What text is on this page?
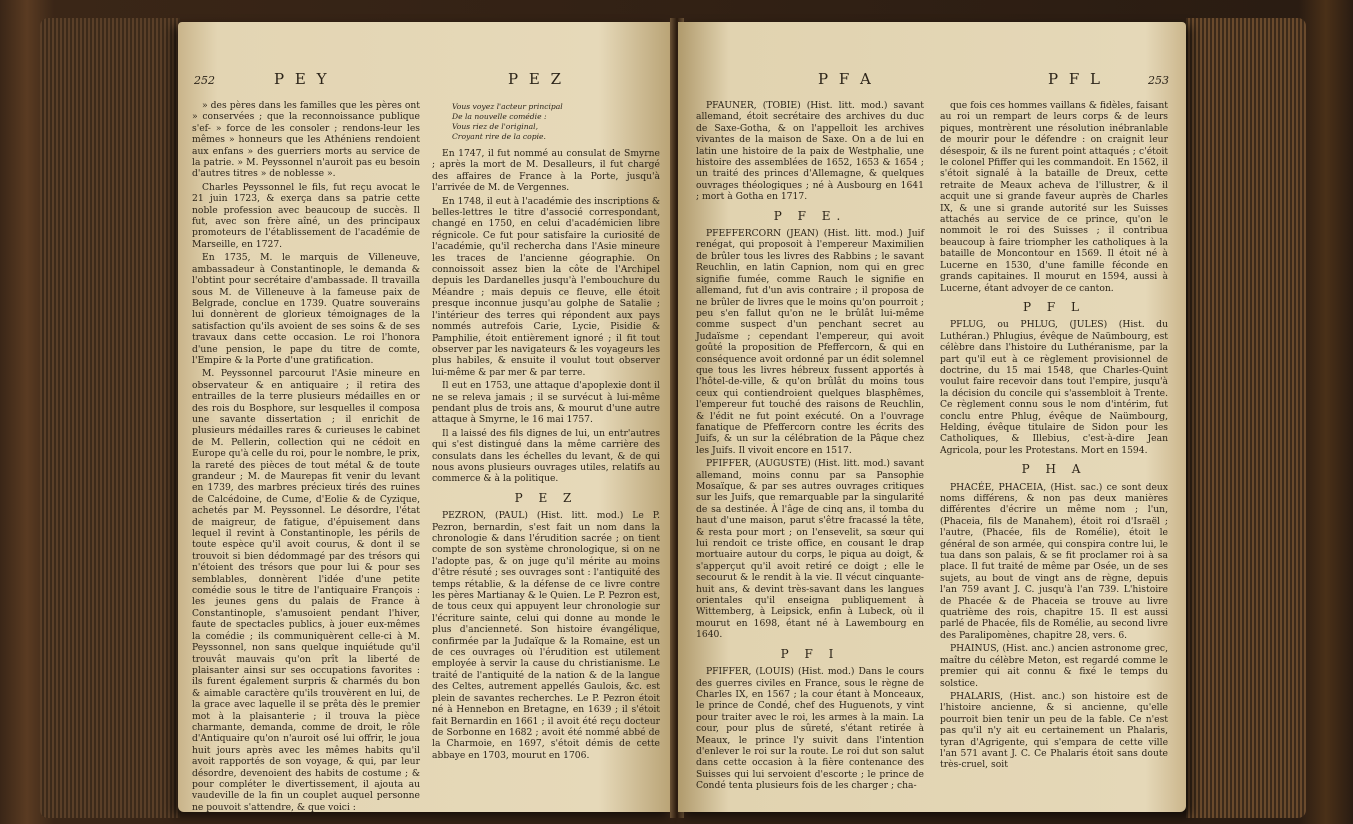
252	P E Y	P E Z

» des pères dans les familles que les pères ont » conservées ; que la reconnoissance publique s'ef- » force de les consoler ; rendons-leur les mêmes » honneurs que les Athéniens rendoient aux enfans » des guerriers morts au service de la patrie. » M. Peyssonnel n'auroit pas eu besoin d'autres titres » de noblesse ».

Charles Peyssonnel le fils, fut reçu avocat le 21 juin 1723, & exerça dans sa patrie cette noble profession avec beaucoup de succès. Il fut, avec son frère aîné, un des principaux promoteurs de l'établissement de l'académie de Marseille, en 1727.

En 1735, M. le marquis de Villeneuve, ambassadeur à Constantinople, le demanda & l'obtint pour secrétaire d'ambassade. Il travailla sous M. de Villeneuve à la fameuse paix de Belgrade, conclue en 1739. Quatre souverains lui donnèrent de glorieux témoignages de la satisfaction qu'ils avoient de ses soins & de ses travaux dans cette occasion. Le roi l'honora d'une pension, le pape du titre de comte, l'Empire & la Porte d'une gratification.

M. Peyssonnel parcourut l'Asie mineure en observateur & en antiquaire ; il retira des entrailles de la terre plusieurs médailles en or des rois du Bosphore, sur lesquelles il composa une savante dissertation ; il enrichit de plusieurs médailles rares & curieuses le cabinet de M. Pellerin, collection qui ne cédoit en Europe qu'à celle du roi, pour le nombre, le prix, la rareté des pièces de tout métal & de toute grandeur ; M. de Maurepas fit venir du levant en 1739, des marbres précieux tirés des ruines de Calcédoine, de Cume, d'Eolie & de Cyzique, achetés par M. Peyssonnel. Le désordre, l'état de maigreur, de fatigue, d'épuisement dans lequel il revint à Constantinople, les périls de toute espèce qu'il avoit courus, & dont il se trouvoit si bien dédommagé par des trésors qui n'étoient des trésors que pour lui & pour ses semblables, donnèrent l'idée d'une petite comédie sous le titre de l'antiquaire François : les jeunes gens du palais de France à Constantinople, s'amusoient pendant l'hiver, faute de spectacles publics, à jouer eux-mêmes la comédie ; ils communiquèrent celle-ci à M. Peyssonnel, non sans quelque inquiétude qu'il trouvât mauvais qu'on prît la liberté de plaisanter ainsi sur ses occupations favorites : ils furent également surpris & charmés du bon & aimable caractère qu'ils trouvèrent en lui, de la grace avec laquelle il se prêta dès le premier mot à la plaisanterie ; il trouva la pièce charmante, demanda, comme de droit, le rôle d'Antiquaire qu'on n'auroit osé lui offrir, le joua huit jours après avec les mêmes habits qu'il avoit rapportés de son voyage, & qui, par leur désordre, devenoient des habits de costume ; & pour compléter le divertissement, il ajouta au vaudeville de la fin un couplet auquel personne ne pouvoit s'attendre, & que voici :

Vous voyez l'acteur principal
De la nouvelle comédie :
Vous riez de l'original,
Croyant rire de la copie.

En 1747, il fut nommé au consulat de Smyrne ; après la mort de M. Desalleurs, il fut chargé des affaires de France à la Porte, jusqu'à l'arrivée de M. de Vergennes.

En 1748, il eut à l'académie des inscriptions & belles-lettres le titre d'associé correspondant, changé en 1750, en celui d'académicien libre régnicole. Ce fut pour satisfaire la curiosité de l'académie, qu'il rechercha dans l'Asie mineure les traces de l'ancienne géographie. On connoissoit assez bien la côte de l'Archipel depuis les Dardanelles jusqu'à l'embouchure du Méandre ; mais depuis ce fleuve, elle étoit presque inconnue jusqu'au golphe de Satalie ; l'intérieur des terres qui répondent aux pays nommés autrefois Carie, Lycie, Pisidie & Pamphilie, étoit entièrement ignoré ; il fit tout observer par les navigateurs & les voyageurs les plus habiles, & ensuite il voulut tout observer lui-même & par mer & par terre.

Il eut en 1753, une attaque d'apoplexie dont il ne se releva jamais ; il se survécut à lui-même pendant plus de trois ans, & mourut d'une autre attaque à Smyrne, le 16 mai 1757.

Il a laissé des fils dignes de lui, un entr'autres qui s'est distingué dans la même carrière des consulats dans les échelles du levant, & de qui nous avons plusieurs ouvrages utiles, relatifs au commerce & à la politique.

P E Z

PEZRON, (PAUL) (Hist. litt. mod.) Le P. Pezron, bernardin, s'est fait un nom dans la chronologie & dans l'érudition sacrée ; on tient compte de son système chronologique, si on ne l'adopte pas, & on juge qu'il mérite au moins d'être résuté ; ses ouvrages sont : l'antiquité des temps rétablie, & la défense de ce livre contre les pères Martianay & le Quien. Le P. Pezron est, de tous ceux qui appuyent leur chronologie sur l'écriture sainte, celui qui donne au monde le plus d'ancienneté. Son histoire évangélique, confirmée par la Judaïque & la Romaine, est un de ces ouvrages où l'érudition est utilement employée à servir la cause du christianisme. Le traité de l'antiquité de la nation & de la langue des Celtes, autrement appellés Gaulois, &c. est plein de savantes recherches. Le P. Pezron étoit né à Hennebon en Bretagne, en 1639 ; il s'étoit fait Bernardin en 1661 ; il avoit été reçu docteur de Sorbonne en 1682 ; avoit été nommé abbé de la Charmoie, en 1697, s'étoit démis de cette abbaye en 1703, mourut en 1706.

P F A	P F L	253

PFAUNER, (TOBIE) (Hist. litt. mod.) savant allemand, étoit secrétaire des archives du duc de Saxe-Gotha, & on l'appelloit les archives vivantes de la maison de Saxe. On a de lui en latin une histoire de la paix de Westphalie, une histoire des assemblées de 1652, 1653 & 1654 ; un traité des princes d'Allemagne, & quelques ouvrages théologiques ; né à Ausbourg en 1641 ; mort à Gotha en 1717.

P F E.

PFEFFERCORN (JEAN) (Hist. litt. mod.) Juif renégat, qui proposoit à l'empereur Maximilien de brûler tous les livres des Rabbins ; le savant Reuchlin, en latin Capnion, nom qui en grec signifie fumée, comme Rauch le signifie en allemand, fut d'un avis contraire ; il proposa de ne brûler de livres que le moins qu'on pourroit ; peu s'en fallut qu'on ne le brûlât lui-même comme suspect d'un penchant secret au Judaïsme ; cependant l'empereur, qui avoit goûté la proposition de Pfeffercorn, & qui en conséquence avoit ordonné par un édit solemnel que tous les livres hébreux fussent apportés à l'hôtel-de-ville, & qu'on brûlât du moins tous ceux qui contiendroient quelques blasphêmes, l'empereur fut touché des raisons de Reuchlin, & l'édit ne fut point exécuté. On a l'ouvrage fanatique de Pfeffercorn contre les écrits des Juifs, & un sur la célébration de la Pâque chez les Juifs. Il vivoit encore en 1517.

PFIFFER, (AUGUSTE) (Hist. litt. mod.) savant allemand, moins connu par sa Pansophie Mosaïque, & par ses autres ouvrages critiques sur les Juifs, que remarquable par la singularité de sa destinée. À l'âge de cinq ans, il tomba du haut d'une maison, parut s'être fracassé la tête, & resta pour mort ; on l'ensevelit, sa sœur qui lui rendoit ce triste office, en cousant le drap mortuaire autour du corps, le piqua au doigt, & s'apperçut qu'il avoit retiré ce doigt ; elle le secourut & le rendit à la vie. Il vécut cinquante-huit ans, & devint très-savant dans les langues orientales qu'il enseigna publiquement à Wittemberg, à Leipsick, enfin à Lubeck, où il mourut en 1698, étant né à Lawembourg en 1640.

P F I

PFIFFER, (LOUIS) (Hist. mod.) Dans le cours des guerres civiles en France, sous le règne de Charles IX, en 1567 ; la cour étant à Monceaux, le prince de Condé, chef des Huguenots, y vint pour traiter avec le roi, les armes à la main. La cour, pour plus de sûreté, s'étant retirée à Meaux, le prince l'y suivit dans l'intention d'enlever le roi sur la route. Le roi dut son salut dans cette occasion à la fière contenance des Suisses qui lui servoient d'escorte ; le prince de Condé tenta plusieurs fois de les charger ; cha-

que fois ces hommes vaillans & fidèles, faisant au roi un rempart de leurs corps & de leurs piques, montrèrent une résolution inébranlable de mourir pour le défendre : on craignit leur désespoir, & ils ne furent point attaqués ; c'étoit le colonel Pfiffer qui les commandoit. En 1562, il s'étoit signalé à la bataille de Dreux, cette retraite de Meaux acheva de l'illustrer, & il acquit une si grande faveur auprès de Charles IX, & une si grande autorité sur les Suisses attachés au service de ce prince, qu'on le nommoit le roi des Suisses ; il contribua beaucoup à faire triompher les catholiques à la bataille de Moncontour en 1569. Il étoit né à Lucerne en 1530, d'une famille féconde en grands capitaines. Il mourut en 1594, aussi à Lucerne, étant advoyer de ce canton.

P F L

PFLUG, ou PHLUG, (JULES) (Hist. du Luthéran.) Phlugius, évêque de Naümbourg, est célèbre dans l'histoire du Luthéranisme, par la part qu'il eut à ce règlement provisionnel de doctrine, du 15 mai 1548, que Charles-Quint voulut faire recevoir dans tout l'empire, jusqu'à la décision du concile qui s'assembloit à Trente. Ce règlement connu sous le nom d'intérim, fut conclu entre Phlug, évêque de Naümbourg, Helding, évêque titulaire de Sidon pour les Catholiques, & Illebius, c'est-à-dire Jean Agricola, pour les Protestans. Mort en 1594.

P H A

PHACÉE, PHACEIA, (Hist. sac.) ce sont deux noms différens, & non pas deux manières différentes d'écrire un même nom ; l'un, (Phaceia, fils de Manahem), étoit roi d'Israël ; l'autre, (Phacée, fils de Romélie), étoit le général de son armée, qui conspira contre lui, le tua dans son palais, & se fit proclamer roi à sa place. Il fut traité de même par Osée, un de ses sujets, au bout de vingt ans de règne, depuis l'an 759 avant J. C. jusqu'à l'an 739. L'histoire de Phacée & de Phaceia se trouve au livre quatrième des rois, chapitre 15. Il est aussi parlé de Phacée, fils de Romélie, au second livre des Paralipomènes, chapitre 28, vers. 6.

PHAINUS, (Hist. anc.) ancien astronome grec, maître du célèbre Meton, est regardé comme le premier qui ait connu & fixé le temps du solstice.

PHALARIS, (Hist. anc.) son histoire est de l'histoire ancienne, & si ancienne, qu'elle pourroit bien tenir un peu de la fable. Ce n'est pas qu'il n'y ait eu certainement un Phalaris, tyran d'Agrigente, qui s'empara de cette ville l'an 571 avant J. C. Ce Phalaris étoit sans doute très-cruel, soit
